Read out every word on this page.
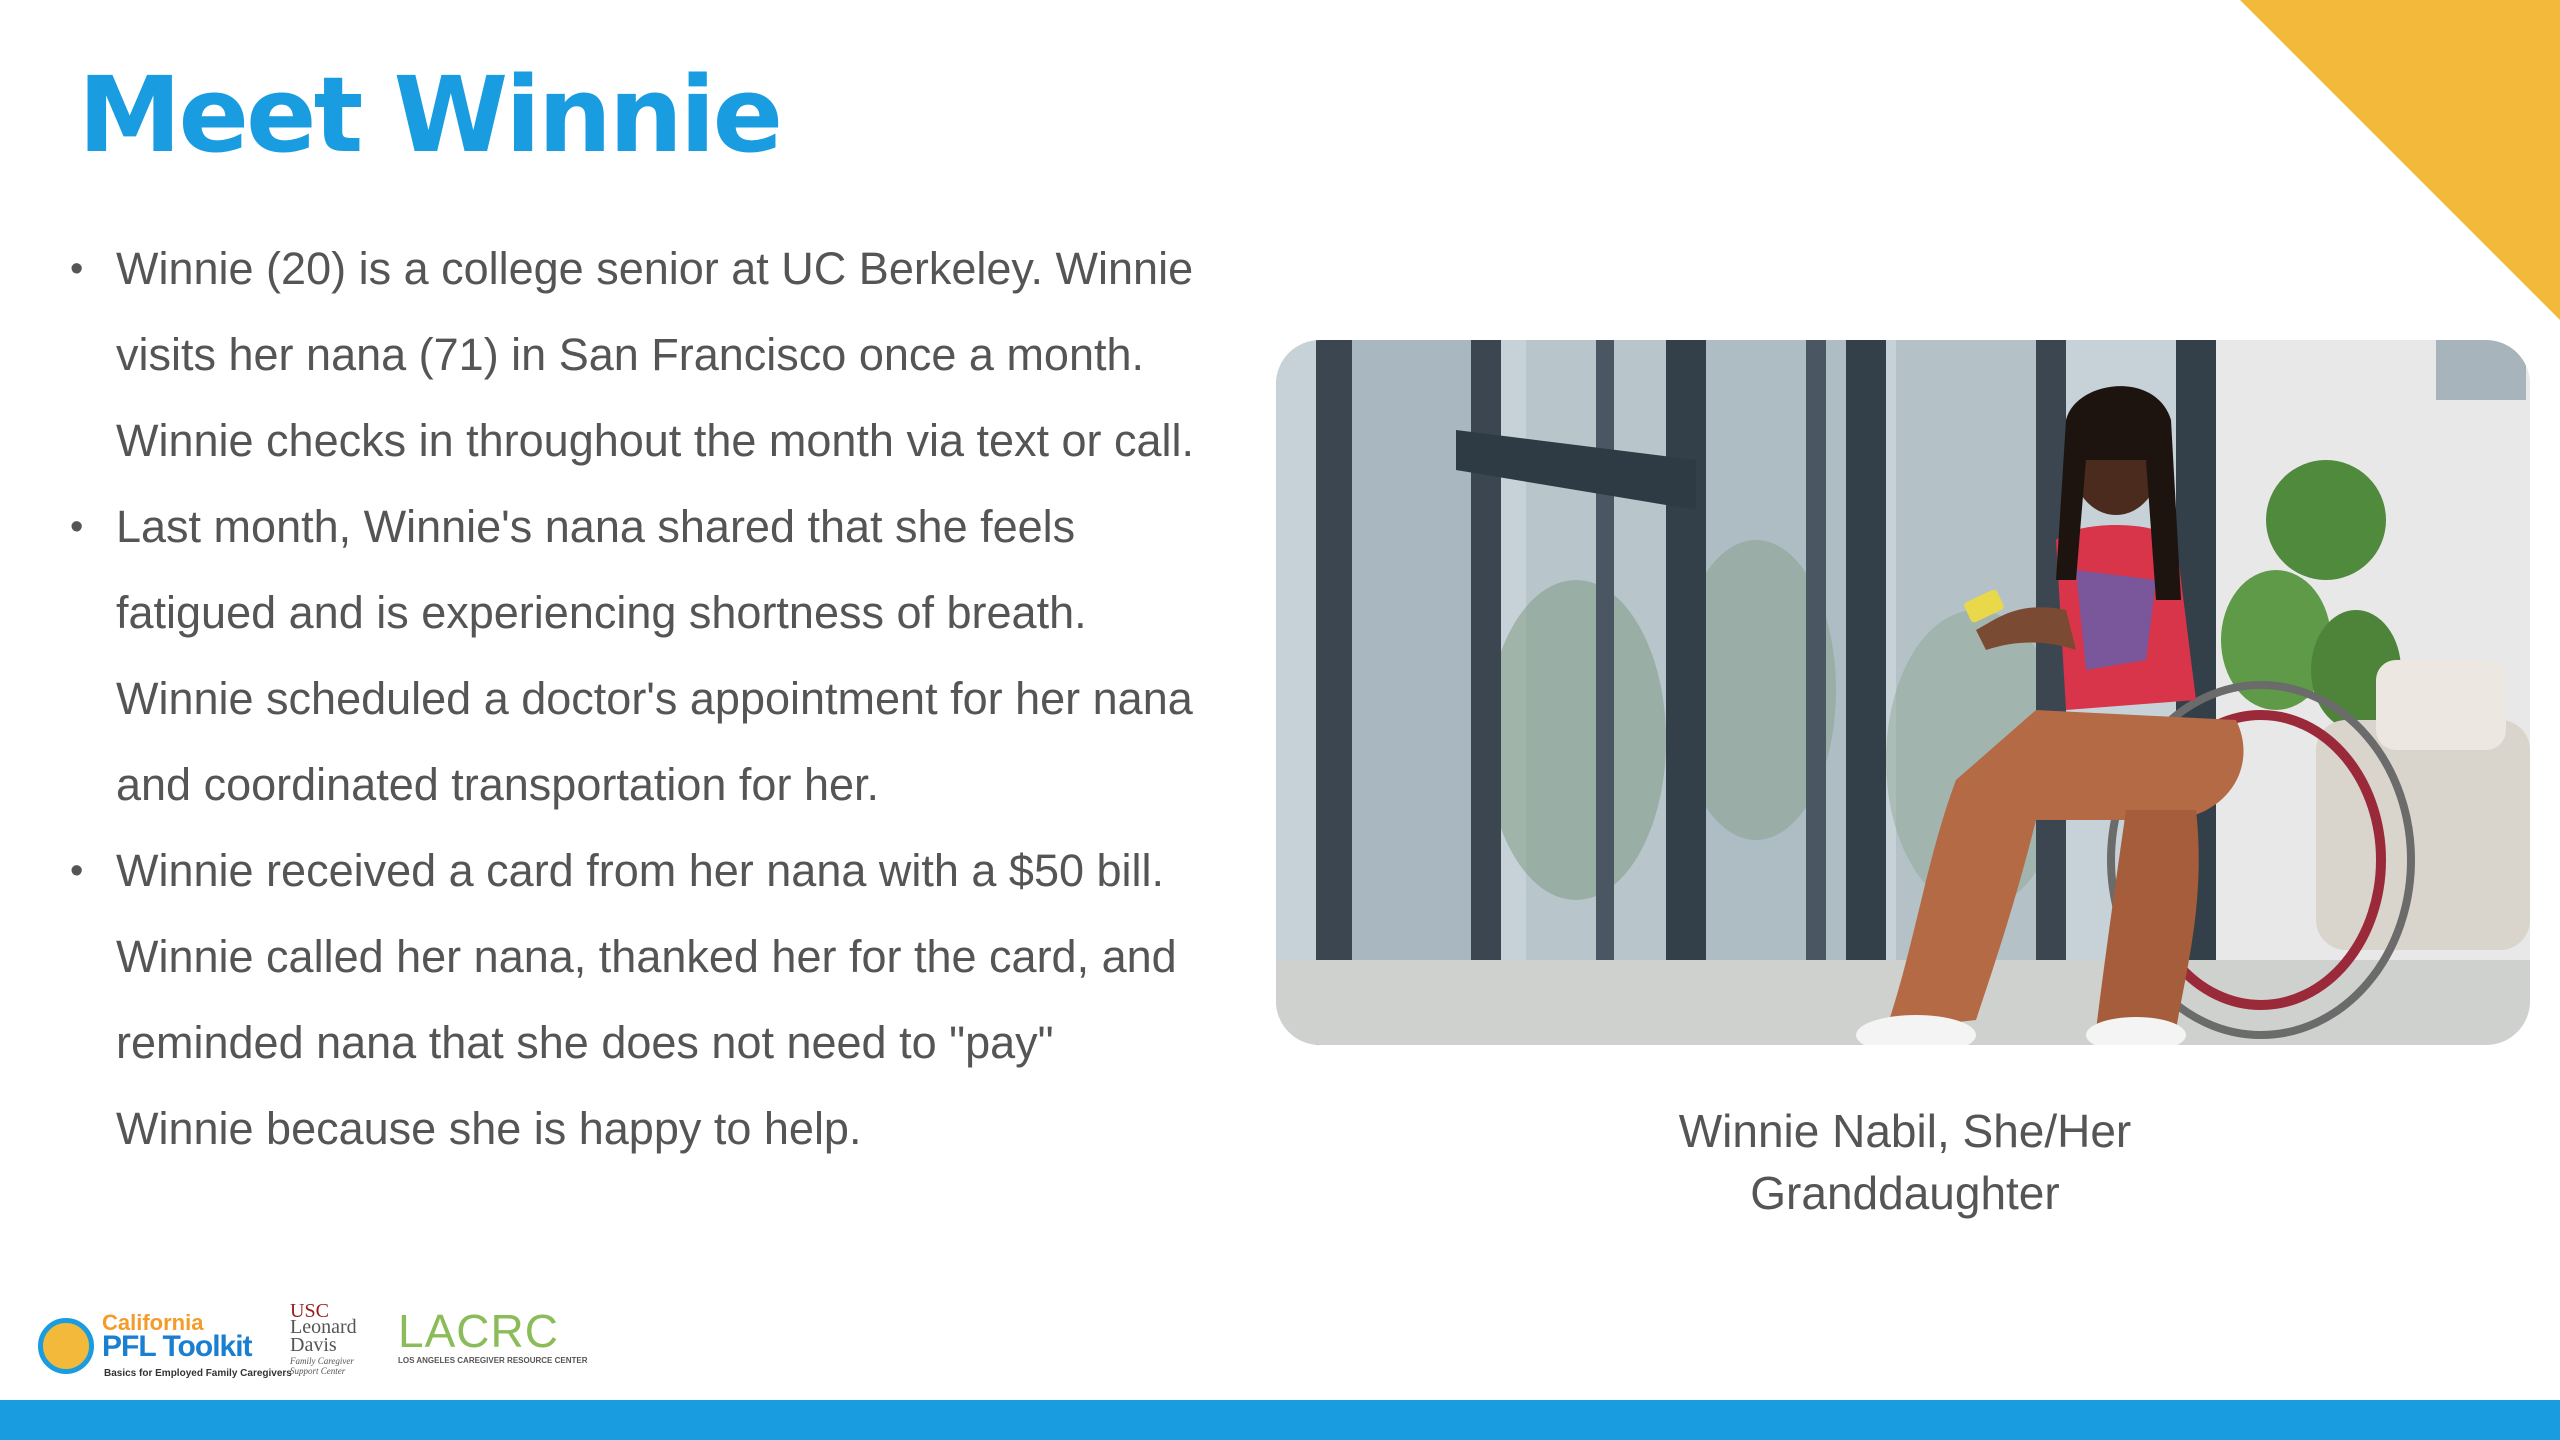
Meet Winnie
• Winnie (20) is a college senior at UC Berkeley. Winnie visits her nana (71) in San Francisco once a month. Winnie checks in throughout the month via text or call.
• Last month, Winnie's nana shared that she feels fatigued and is experiencing shortness of breath. Winnie scheduled a doctor's appointment for her nana and coordinated transportation for her.
• Winnie received a card from her nana with a $50 bill. Winnie called her nana, thanked her for the card, and reminded nana that she does not need to "pay" Winnie because she is happy to help.	Winnie Nabil, She/Her
Granddaughter
California
PFL Toolkit
Basics for Employed Family Caregivers
USC
Leonard
Davis
Family Caregiver Support Center
LACRC
LOS ANGELES CAREGIVER RESOURCE CENTER
